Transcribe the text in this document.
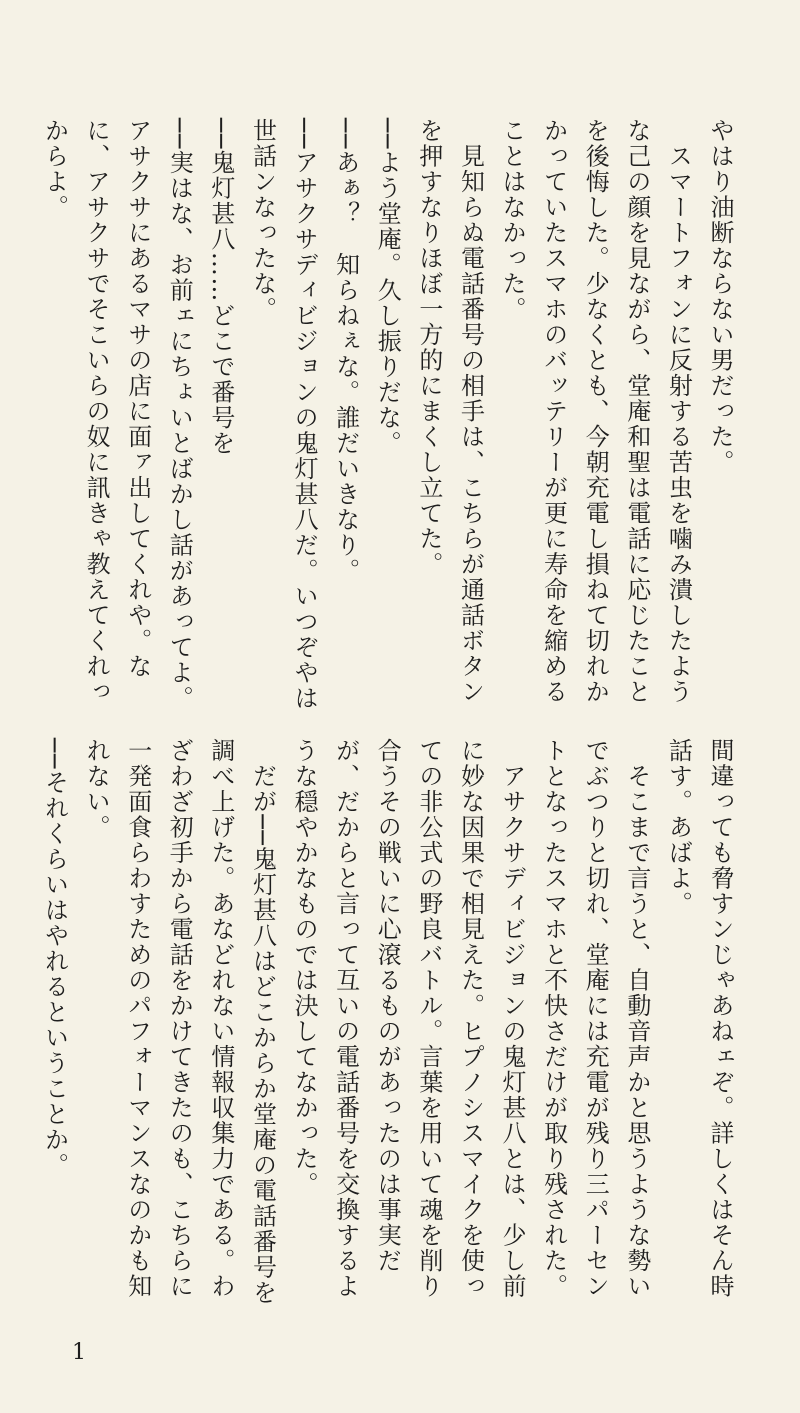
やはり油断ならない男だった。

　スマートフォンに反射する苦虫を噛み潰したような己の顔を見ながら、堂庵和聖は電話に応じたことを後悔した。少なくとも、今朝充電し損ねて切れかかっていたスマホのバッテリーが更に寿命を縮めることはなかった。

　見知らぬ電話番号の相手は、こちらが通話ボタンを押すなりほぼ一方的にまくし立てた。

──よう堂庵。久し振りだな。

──あぁ？　知らねぇな。誰だいきなり。

──アサクサディビジョンの鬼灯甚八だ。いつぞやは世話ンなったな。

──鬼灯甚八……どこで番号を

──実はな、お前ェにちょいとばかし話があってよ。アサクサにあるマサの店に面ァ出してくれや。なに、アサクサでそこいらの奴に訊きゃ教えてくれっからよ。

間違っても脅すンじゃあねェぞ。詳しくはそん時話す。あばよ。

　そこまで言うと、自動音声かと思うような勢いでぶつりと切れ、堂庵には充電が残り三パーセントとなったスマホと不快さだけが取り残された。

　アサクサディビジョンの鬼灯甚八とは、少し前に妙な因果で相見えた。ヒプノシスマイクを使っての非公式の野良バトル。言葉を用いて魂を削り合うその戦いに心滾るものがあったのは事実だが、だからと言って互いの電話番号を交換するような穏やかなものでは決してなかった。

　だが──鬼灯甚八はどこからか堂庵の電話番号を調べ上げた。あなどれない情報収集力である。わざわざ初手から電話をかけてきたのも、こちらに一発面食らわすためのパフォーマンスなのかも知れない。

──それくらいはやれるということか。

1
